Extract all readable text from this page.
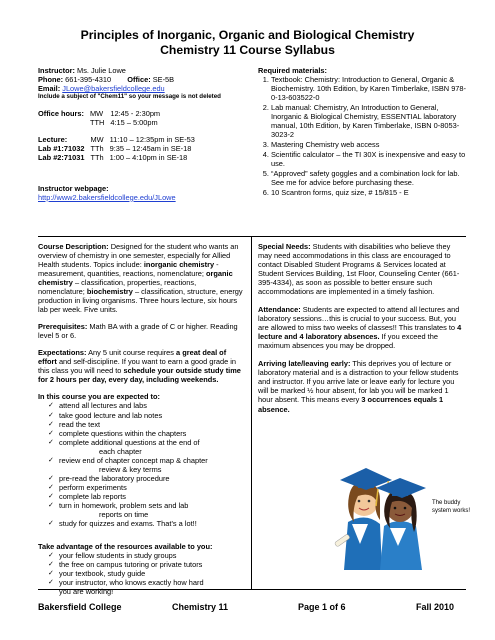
Principles of Inorganic, Organic and Biological Chemistry
Chemistry 11 Course Syllabus

Instructor: Ms. Julie Lowe

Phone: 661-395-4310 Office: SE-5B

Email: JLowe@bakersfieldcollege.edu

Include a subject of "Chem11" so your message is not deleted

Office hours:	MW	12:45 - 2:30pm
	TTH	4:15 – 5:00pm
Lecture:	MW	11:10 – 12:35pm in SE-53
Lab #1:71032	TTh	9:35 – 12:45am in SE-18
Lab #2:71031	TTh	1:00 – 4:10pm in SE-18

Instructor webpage:

http://www2.bakersfieldcollege.edu/JLowe

Required materials:

1. Textbook: Chemistry: Introduction to General, Organic & Biochemistry. 10th Edition, by Karen Timberlake, ISBN 978-0-13-603522-0
2. Lab manual: Chemistry, An Introduction to General, Inorganic & Biological Chemistry, ESSENTIAL laboratory manual, 10th Edition, by Karen Timberlake, ISBN 0-8053-3023-2
3. Mastering Chemistry web access
4. Scientific calculator – the TI 30X is inexpensive and easy to use.
5. “Approved” safety goggles and a combination lock for lab. See me for advice before purchasing these.
6. 10 Scantron forms, quiz size, # 15/815 - E

Course Description: Designed for the student who wants an overview of chemistry in one semester, especially for Allied Health students. Topics include: inorganic chemistry - measurement, quantities, reactions, nomenclature; organic chemistry – classification, properties, reactions, nomenclature; biochemistry – classification, structure, energy production in living organisms. Three hours lecture, six hours lab per week. Five units.

Prerequisites: Math BA with a grade of C or higher. Reading level 5 or 6.

Expectations: Any 5 unit course requires a great deal of effort and self-discipline. If you want to earn a good grade in this class you will need to schedule your outside study time for 2 hours per day, every day, including weekends.

In this course you are expected to:

✓ attend all lectures and labs
✓ take good lecture and lab notes
✓ read the text
✓ complete questions within the chapters
✓ complete additional questions at the end of
each chapter
✓ review end of chapter concept map & chapter
review & key terms
✓ pre-read the laboratory procedure
✓ perform experiments
✓ complete lab reports
✓ turn in homework, problem sets and lab
reports on time
✓ study for quizzes and exams. That’s a lot!!

Take advantage of the resources available to you:

✓ your fellow students in study groups
✓ the free on campus tutoring or private tutors
✓ your textbook, study guide
✓ your instructor, who knows exactly how hard
you are working!

Special Needs: Students with disabilities who believe they may need accommodations in this class are encouraged to contact Disabled Student Programs & Services located at Student Services Building, 1st Floor, Counseling Center (661-395-4334), as soon as possible to better ensure such accommodations are implemented in a timely fashion.

Attendance: Students are expected to attend all lectures and laboratory sessions…this is crucial to your success. But, you are allowed to miss two weeks of classes!! This translates to 4 lecture and 4 laboratory absences. If you exceed the maximum absences you may be dropped.

Arriving late/leaving early: This deprives you of lecture or laboratory material and is a distraction to your fellow students and instructor. If you arrive late or leave early for lecture you will be marked ½ hour absent, for lab you will be marked 1 hour absent. This means every 3 occurrences equals 1 absence.

The buddy system works!
Bakersfield College	Chemistry 11	Page 1 of 6	Fall 2010
